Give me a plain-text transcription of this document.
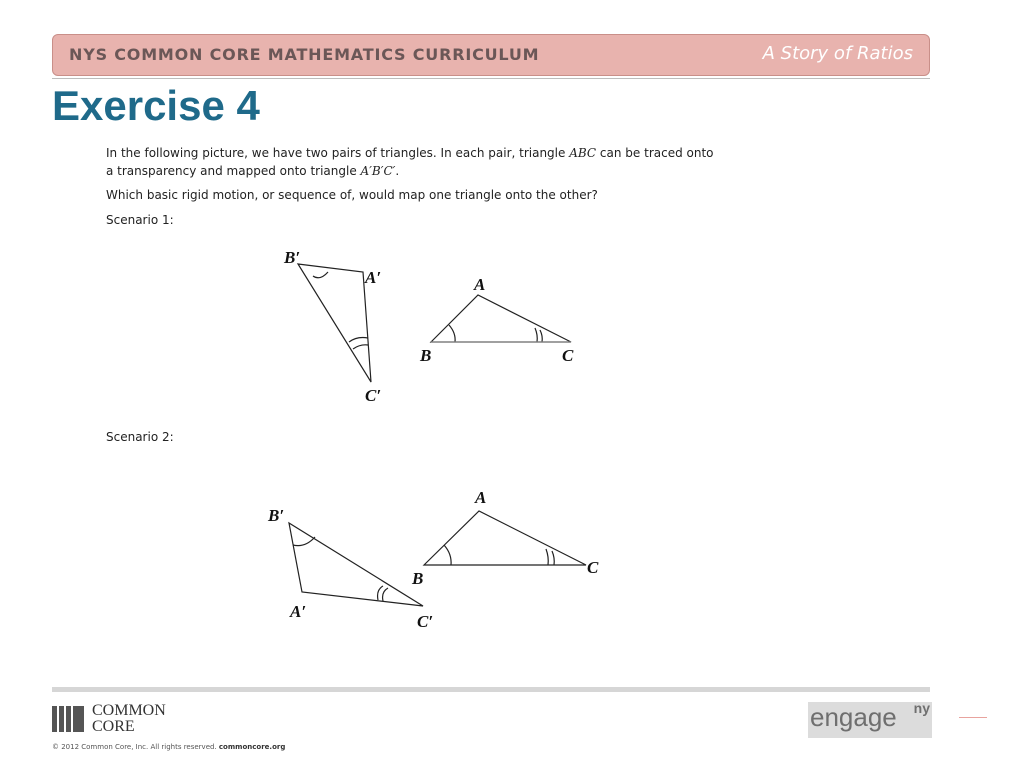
NYS COMMON CORE MATHEMATICS CURRICULUM	A Story of Ratios
Exercise 4
In the following picture, we have two pairs of triangles. In each pair, triangle ABC can be traced onto
a transparency and mapped onto triangle A′B′C′.
Which basic rigid motion, or sequence of, would map one triangle onto the other?
Scenario 1:
Scenario 2:
B′
A′
C′
A
B	C
B′
A′
C′
A
B
C
COMMON
CORE
© 2012 Common Core, Inc. All rights reserved. commoncore.org
engage ny
